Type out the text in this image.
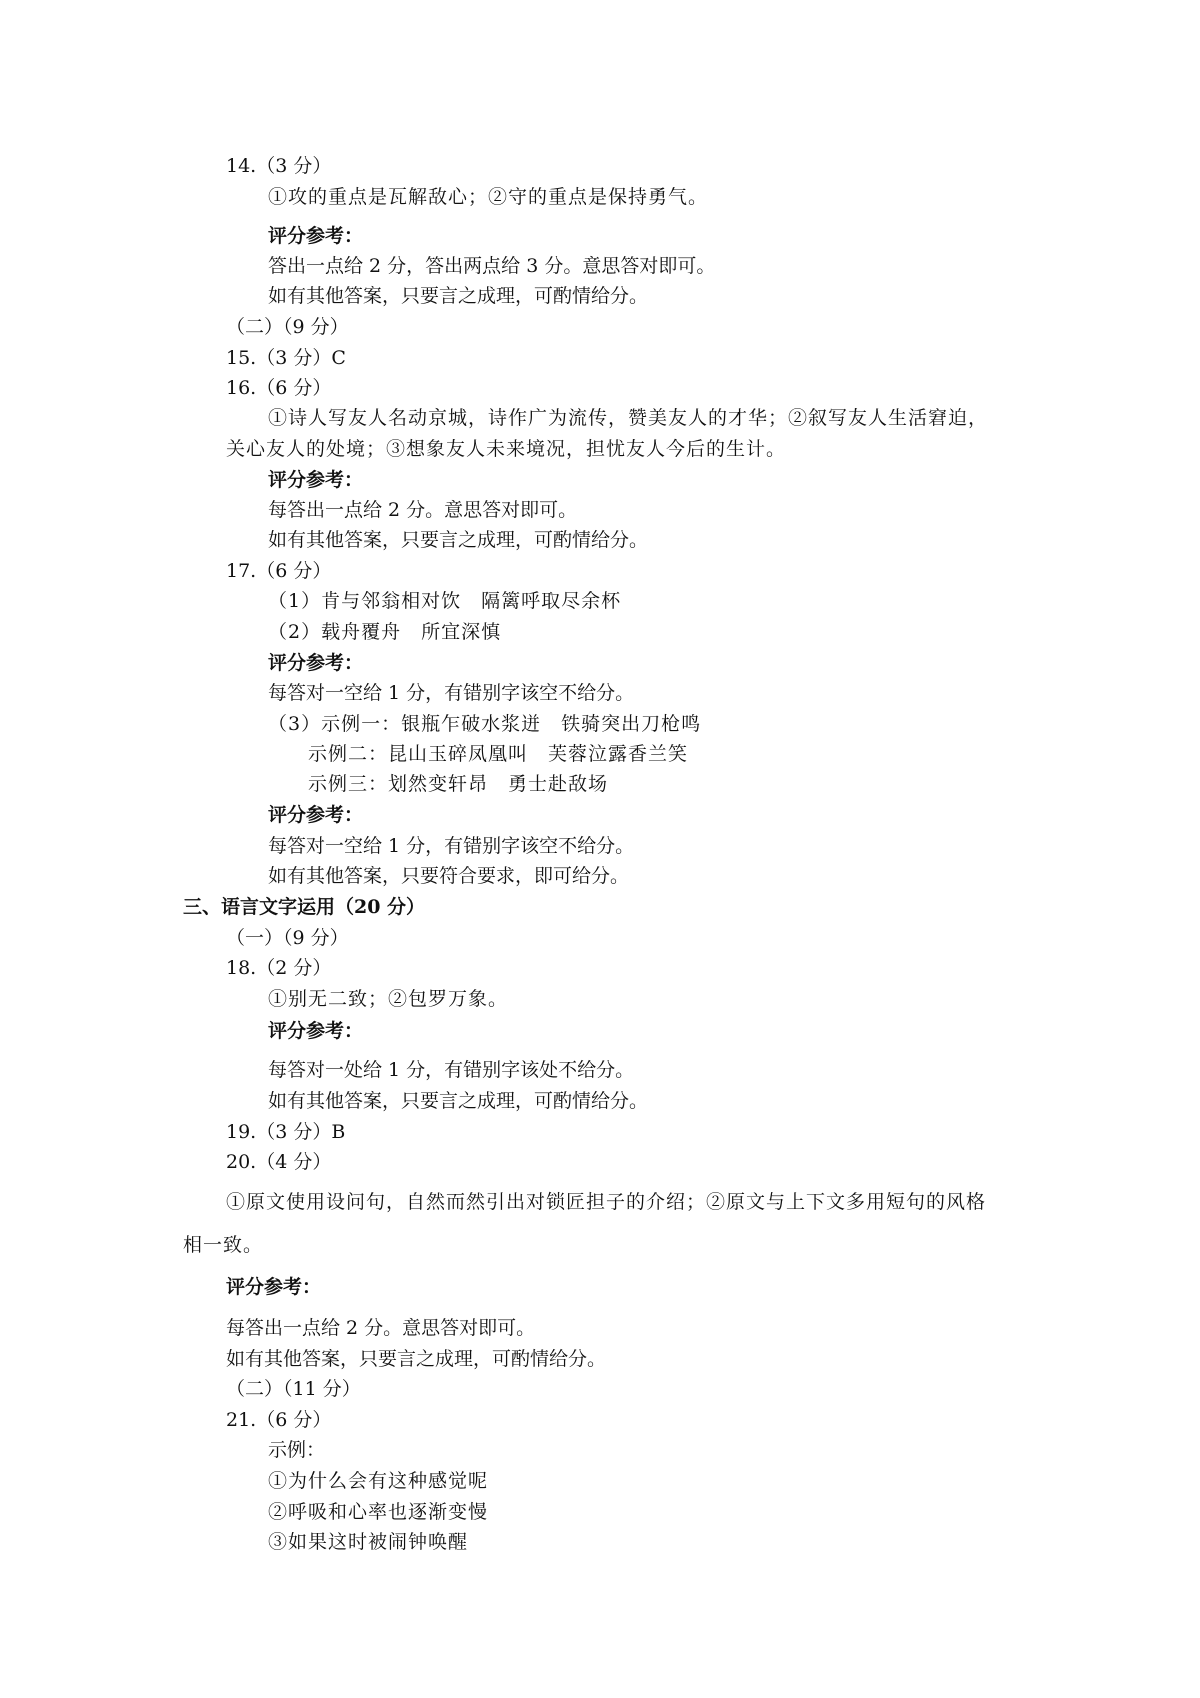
14.（3 分）
①攻的重点是瓦解敌心；②守的重点是保持勇气。
评分参考：
答出一点给 2 分，答出两点给 3 分。意思答对即可。
如有其他答案，只要言之成理，可酌情给分。
（二）（9 分）
15.（3 分）C
16.（6 分）
①诗人写友人名动京城，诗作广为流传，赞美友人的才华；②叙写友人生活窘迫，
关心友人的处境；③想象友人未来境况，担忧友人今后的生计。
评分参考：
每答出一点给 2 分。意思答对即可。
如有其他答案，只要言之成理，可酌情给分。
17.（6 分）
（1）肯与邻翁相对饮　隔篱呼取尽余杯
（2）载舟覆舟　所宜深慎
评分参考：
每答对一空给 1 分，有错别字该空不给分。
（3）示例一：银瓶乍破水浆迸　铁骑突出刀枪鸣
示例二：昆山玉碎凤凰叫　芙蓉泣露香兰笑
示例三：划然变轩昂　勇士赴敌场
评分参考：
每答对一空给 1 分，有错别字该空不给分。
如有其他答案，只要符合要求，即可给分。
三、语言文字运用（20 分）
（一）（9 分）
18.（2 分）
①别无二致；②包罗万象。
评分参考：
每答对一处给 1 分，有错别字该处不给分。
如有其他答案，只要言之成理，可酌情给分。
19.（3 分）B
20.（4 分）
①原文使用设问句，自然而然引出对锁匠担子的介绍；②原文与上下文多用短句的风格
相一致。
评分参考：
每答出一点给 2 分。意思答对即可。
如有其他答案，只要言之成理，可酌情给分。
（二）（11 分）
21.（6 分）
示例：
①为什么会有这种感觉呢
②呼吸和心率也逐渐变慢
③如果这时被闹钟唤醒
